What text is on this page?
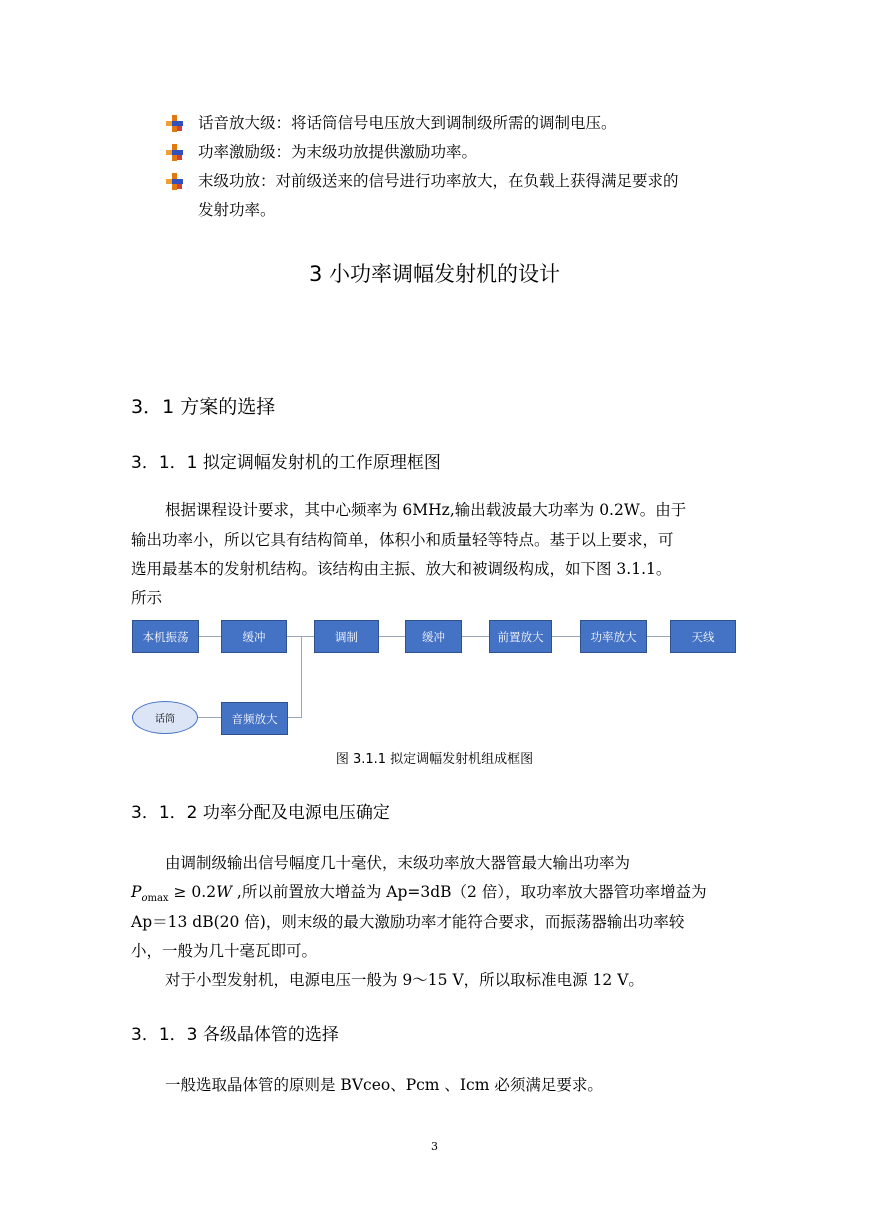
话音放大级：将话筒信号电压放大到调制级所需的调制电压。
功率激励级：为末级功放提供激励功率。
末级功放：对前级送来的信号进行功率放大，在负载上获得满足要求的
发射功率。
3 小功率调幅发射机的设计
3．1 方案的选择
3．1．1 拟定调幅发射机的工作原理框图
根据课程设计要求，其中心频率为 6MHz,输出载波最大功率为 0.2W。由于
输出功率小，所以它具有结构简单，体积小和质量轻等特点。基于以上要求，可
选用最基本的发射机结构。该结构由主振、放大和被调级构成，如下图 3.1.1。
所示
本机振荡	缓冲	调制	缓冲	前置放大	功率放大	天线
话筒	音频放大
图 3.1.1 拟定调幅发射机组成框图
3．1．2 功率分配及电源电压确定
由调制级输出信号幅度几十毫伏，末级功率放大器管最大输出功率为
$P_{omax} \ge 0.2W$ ,所以前置放大增益为 Ap=3dB（2 倍），取功率放大器管功率增益为
Ap＝13 dB(20 倍)，则末级的最大激励功率才能符合要求，而振荡器输出功率较
小，一般为几十毫瓦即可。
对于小型发射机，电源电压一般为 9～15 V，所以取标准电源 12 V。
3．1．3 各级晶体管的选择
一般选取晶体管的原则是 BVceo、Pcm 、Icm 必须满足要求。
3
